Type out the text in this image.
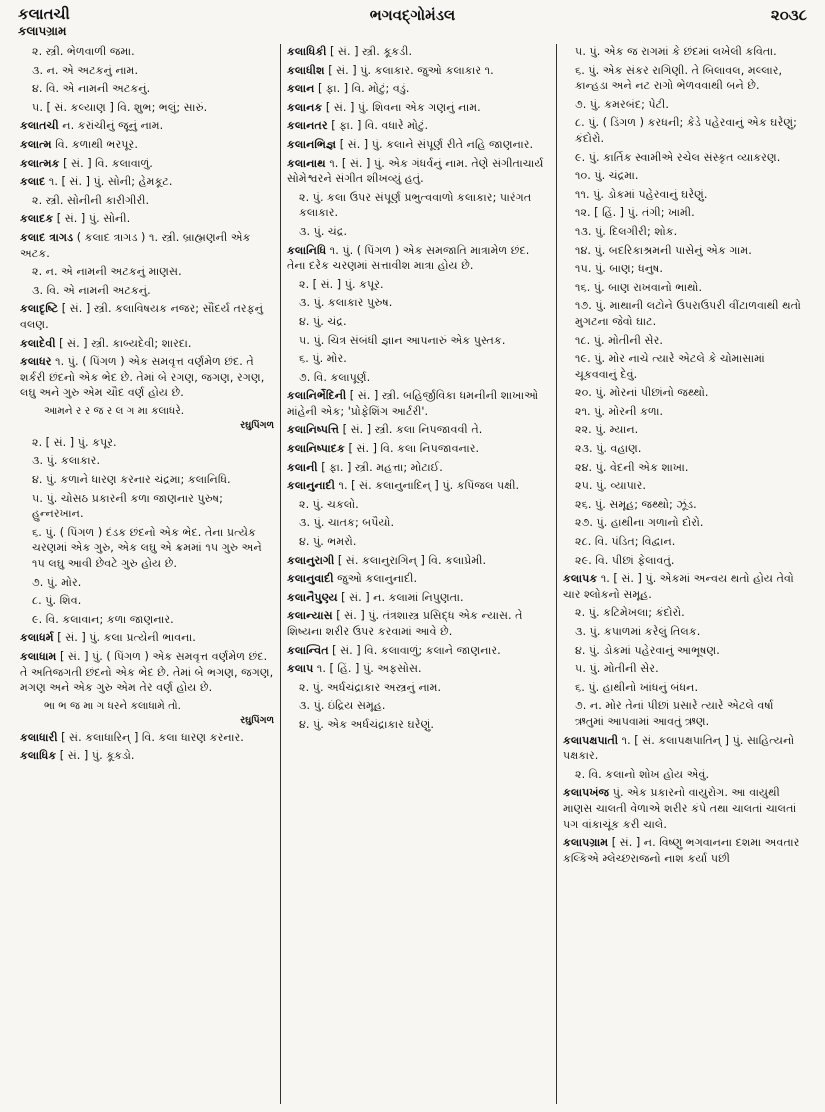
કલાતચી
કલાપગ્રામ
ભગવદ્ગોમંડલ	૨૦૩૮
૨. સ્ત્રી. ભેળવાળી જમા.
૩. ન. એ અટકનું નામ.
૪. વિ. એ નામની અટકનું.
૫. [ સં. કલ્યાણ ] વિ. શુભ; ભલું; સારું.
કલાતચી ન. કરાંચીનું જૂનું નામ.
કલાત્મ વિ. કળાથી ભરપૂર.
કલાત્મક [ સં. ] વિ. કલાવાળું.
કલાદ ૧. [ સં. ] પું. સોની; હેમકૂટ.
૨. સ્ત્રી. સોનીની કારીગીરી.
કલાદક [ સં. ] પું. સોની.
કલાદ ત્રાગડ ( કલાદ ત્રાગડ ) ૧. સ્ત્રી. બ્રાહ્મણની એક અટક.
૨. ન. એ નામની અટકનું માણસ.
૩. વિ. એ નામની અટકનું.
કલાદૃષ્ટિ [ સં. ] સ્ત્રી. કલાવિષયક નજર; સૌંદર્ય તરફનું વલણ.
કલાદેવી [ સં. ] સ્ત્રી. કાબ્યદેવી; શારદા.
કલાધર ૧. પું. ( પિંગળ ) એક સમવૃત્ત વર્ણમેળ છંદ. તે શર્કરી છંદનો એક ભેદ છે. તેમાં બે રગણ, જગણ, રગણ, લઘુ અને ગુરુ એમ ચૌદ વર્ણ હોય છે.
આમને ર ર જ ર લ ગ મા કલાધરે.
રઘુપિંગળ
૨. [ સં. ] પું. કપૂર.
૩. પું. કલાકાર.
૪. પું. કળાને ધારણ કરનાર ચંદ્રમા; કલાનિધિ.
૫. પું. ચોસઠ પ્રકારની કળા જાણનાર પુરુષ; હુન્નરખાન.
૬. પું. ( પિંગળ ) દંડક છંદનો એક ભેદ. તેના પ્રત્યેક ચરણમાં એક ગુરુ, એક લઘુ એ ક્રમમાં ૧૫ ગુરુ અને ૧૫ લઘુ આવી છેવટે ગુરુ હોય છે.
૭. પું. મોર.
૮. પું. શિવ.
૯. વિ. કલાવાન; કળા જાણનાર.
કલાધર્મ [ સં. ] પું. કલા પ્રત્યેની ભાવના.
કલાધામ [ સં. ] પું. ( પિંગળ ) એક સમવૃત્ત વર્ણમેળ છંદ. તે અતિજગતી છંદનો એક ભેદ છે. તેમાં બે ભગણ, જગણ, મગણ અને એક ગુરુ એમ તેર વર્ણ હોય છે.
ભા ભ જ મા ગ ધરને કલાધામે તો.
રઘુપિંગળ
કલાધારી [ સં. કલાધારિન્ ] વિ. કલા ધારણ કરનાર.
કલાધિક [ સં. ] પું. કૂકડો.
કલાધિકી [ સં. ] સ્ત્રી. કૂકડી.
કલાધીશ [ સં. ] પું. કલાકાર. જુઓ કલાકાર ૧.
કલાન [ ફા. ] વિ. મોટું; વડું.
કલાનક [ સં. ] પું. શિવના એક ગણનું નામ.
કલાનતર [ ફા. ] વિ. વધારે મોટું.
કલાનભિજ્ઞ [ સં. ] પું. કલાને સંપૂર્ણ રીતે નહિ જાણનાર.
કલાનાથ ૧. [ સં. ] પું. એક ગંધર્વનું નામ. તેણે સંગીતાચાર્ય સોમેશ્વરને સંગીત શીખવ્યું હતું.
૨. પું. કલા ઉપર સંપૂર્ણ પ્રભુત્વવાળો કલાકાર; પારંગત કલાકાર.
૩. પું. ચંદ્ર.
કલાનિધિ ૧. પું. ( પિંગળ ) એક સમજાતિ માત્રામેળ છંદ. તેના દરેક ચરણમાં સત્તાવીશ માત્રા હોય છે.
૨. [ સં. ] પું. કપૂર.
૩. પું. કલાકાર પુરુષ.
૪. પું. ચંદ્ર.
૫. પું. ચિત્ર સંબંધી જ્ઞાન આપનારું એક પુસ્તક.
૬. પું. મોર.
૭. વિ. કલાપૂર્ણ.
કલાનિર્ભેદિની [ સં. ] સ્ત્રી. બહિર્જીવિકા ધમનીની શાખાઓ માંહેની એક; 'પ્રોફેશિંગ આર્ટરી'.
કલાનિષ્પત્તિ [ સં. ] સ્ત્રી. કલા નિપજાવવી તે.
કલાનિષ્પાદક [ સં. ] વિ. કલા નિપજાવનાર.
કલાની [ ફા. ] સ્ત્રી. મહત્તા; મોટાઈ.
કલાનુનાદી ૧. [ સં. કલાનુનાદિન્ ] પું. કપિંજલ પક્ષી.
૨. પું. ચકલો.
૩. પું. ચાતક; બપૈયો.
૪. પું. ભમરો.
કલાનુરાગી [ સં. કલાનુરાગિન્ ] વિ. કલાપ્રેમી.
કલાનુવાદી જુઓ કલાનુનાદી.
કલાનૈપુણ્ય [ સં. ] ન. કલામાં નિપુણતા.
કલાન્યાસ [ સં. ] પું. તંત્રશાસ્ત્ર પ્રસિદ્ધ એક ન્યાસ. તે શિષ્યના શરીર ઉપર કરવામાં આવે છે.
કલાન્વિત [ સં. ] વિ. કલાવાળું; કલાને જાણનાર.
કલાપ ૧. [ હિં. ] પું. અફસોસ.
૨. પું. અર્ધચંદ્રાકાર અસ્ત્રનું નામ.
૩. પું. ઇંદ્રિય સમૂહ.
૪. પું. એક અર્ધચંદ્રાકાર ઘરેણું.
૫. પું. એક જ રાગમાં કે છંદમાં લખેલી કવિતા.
૬. પું. એક સંકર રાગિણી. તે બિલાવલ, મલ્લાર, કાન્હડા અને નટ રાગો ભેળવવાથી બને છે.
૭. પું. કમરબંદ; પેટી.
૮. પું. ( ડિંગળ ) કરધની; કેડે પહેરવાનું એક ઘરેણું; કંદોરો.
૯. પું. કાર્તિક સ્વામીએ રચેલ સંસ્કૃત વ્યાકરણ.
૧૦. પું. ચંદ્રમા.
૧૧. પું. ડોકમાં પહેરવાનું ઘરેણું.
૧૨. [ હિં. ] પું. તંગી; ખામી.
૧૩. પું. દિલગીરી; શોક.
૧૪. પું. બદરિકાશ્રમની પાસેનું એક ગામ.
૧૫. પું. બાણ; ધનુષ.
૧૬. પું. બાણ રાખવાનો ભાથો.
૧૭. પું. માથાની લટોને ઉપરાઉપરી વીંટાળવાથી થતો મુગટના જેવો ઘાટ.
૧૮. પું. મોતીની સેર.
૧૯. પું. મોર નાચે ત્યારે એટલે કે ચોમાસામાં ચૂકવવાનું દેવું.
૨૦. પું. મોરનાં પીછાંનો જથ્થો.
૨૧. પું. મોરની કળા.
૨૨. પું. મ્યાન.
૨૩. પું. વહાણ.
૨૪. પું. વેદની એક શાખા.
૨૫. પું. વ્યાપાર.
૨૬. પું. સમૂહ; જથ્થો; ઝૂંડ.
૨૭. પું. હાથીના ગળાનો દોરો.
૨૮. વિ. પંડિત; વિદ્વાન.
૨૯. વિ. પીછાં ફેલાવતું.
કલાપક ૧. [ સં. ] પું. એકમાં અન્વય થતો હોય તેવો ચાર શ્લોકનો સમૂહ.
૨. પું. કટિમેખલા; કંદોરો.
૩. પું. કપાળમાં કરેલું તિલક.
૪. પું. ડોકમાં પહેરવાનું આભૂષણ.
૫. પું. મોતીની સેર.
૬. પું. હાથીનો ખાંધનું બંધન.
૭. ન. મોર તેનાં પીછાં પ્રસારે ત્યારે એટલે વર્ષા ઋતુમાં આપવામાં આવતું ઋણ.
કલાપક્ષપાતી ૧. [ સં. કલાપક્ષપાતિન્ ] પું. સાહિત્યનો પક્ષકાર.
૨. વિ. કલાનો શોખ હોય એવું.
કલાપખંજ પું. એક પ્રકારનો વાયુરોગ. આ વાયુથી માણસ ચાલતી વેળાએ શરીર કંપે તથા ચાલતાં ચાલતાં પગ વાંકાચૂંક કરી ચાલે.
કલાપગ્રામ [ સં. ] ન. વિષ્ણુ ભગવાનના દશમા અવતાર કલ્કિએ મ્લેચ્છરાજનો નાશ કર્યા પછી
